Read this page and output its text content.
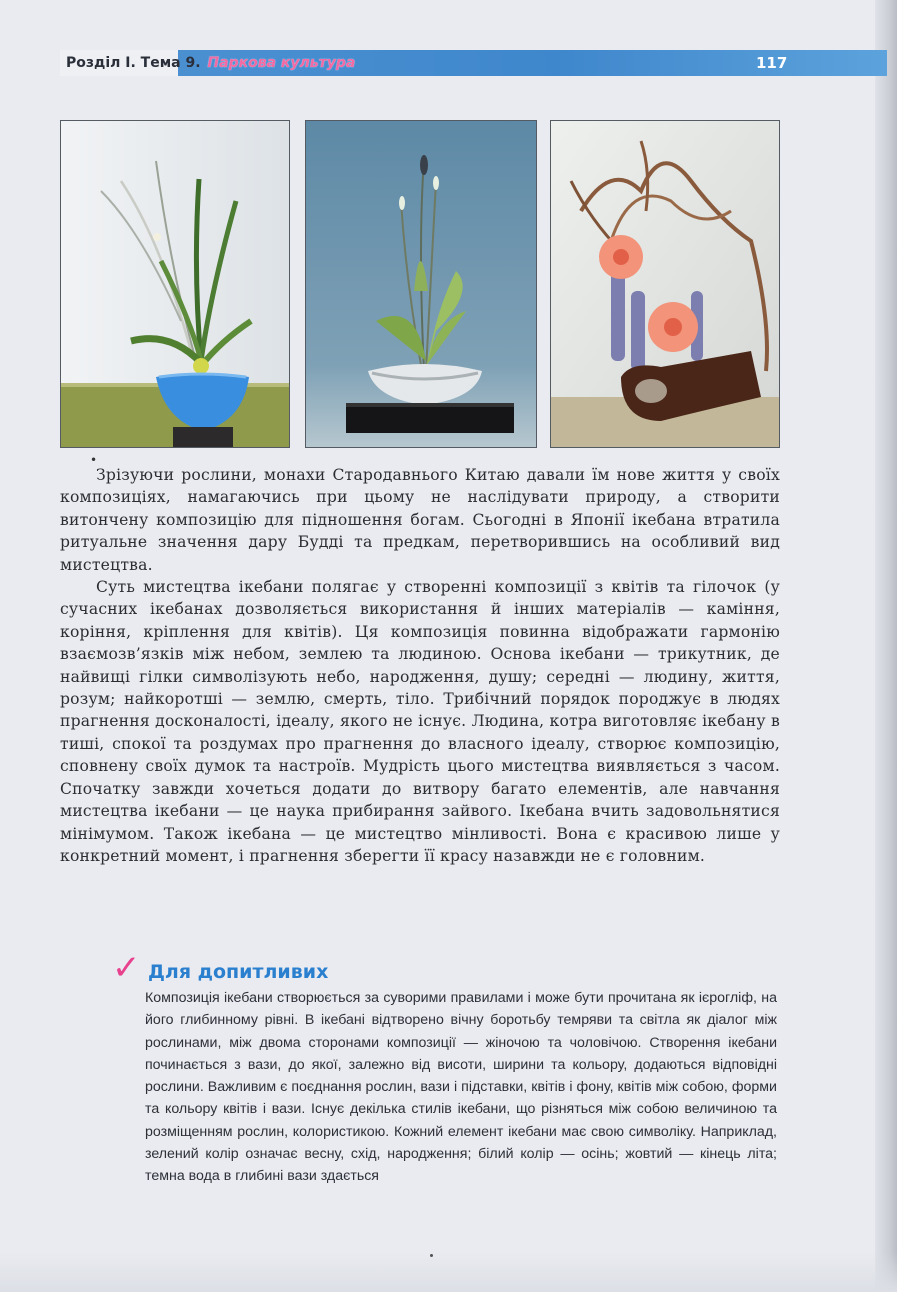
Розділ І. Тема 9. Паркова культура	117
•

Зрізуючи рослини, монахи Стародавнього Китаю давали їм нове життя у своїх композиціях, намагаючись при цьому не наслідувати природу, а створити витончену композицію для підношення богам. Сьогодні в Японії ікебана втратила ритуальне значення дару Будді та предкам, перетворившись на особливий вид мистецтва.

Суть мистецтва ікебани полягає у створенні композиції з квітів та гілочок (у сучасних ікебанах дозволяється використання й інших матеріалів — каміння, коріння, кріплення для квітів). Ця композиція повинна відображати гармонію взаємозв’язків між небом, землею та людиною. Основа ікебани — трикутник, де найвищі гілки символізують небо, народження, душу; середні — людину, життя, розум; найкоротші — землю, смерть, тіло. Трибічний порядок породжує в людях прагнення досконалості, ідеалу, якого не існує. Людина, котра виготовляє ікебану в тиші, спокої та роздумах про прагнення до власного ідеалу, створює композицію, сповнену своїх думок та настроїв. Мудрість цього мистецтва виявляється з часом. Спочатку завжди хочеться додати до витвору багато елементів, але навчання мистецтва ікебани — це наука прибирання зайвого. Ікебана вчить задовольнятися мінімумом. Також ікебана — це мистецтво мінливості. Вона є красивою лише у конкретний момент, і прагнення зберегти її красу назавжди не є головним.

✓ Для допитливих

Композиція ікебани створюється за суворими правилами і може бути прочитана як ієрогліф, на його глибинному рівні. В ікебані відтворено вічну боротьбу темряви та світла як діалог між рослинами, між двома сторонами композиції — жіночою та чоловічою. Створення ікебани починається з вази, до якої, залежно від висоти, ширини та кольору, додаються відповідні рослини. Важливим є поєднання рослин, вази і підставки, квітів і фону, квітів між собою, форми та кольору квітів і вази. Існує декілька стилів ікебани, що різняться між собою величиною та розміщенням рослин, колористикою. Кожний елемент ікебани має свою символіку. Наприклад, зелений колір означає весну, схід, народження; білий колір — осінь; жовтий — кінець літа; темна вода в глибині вази здається
